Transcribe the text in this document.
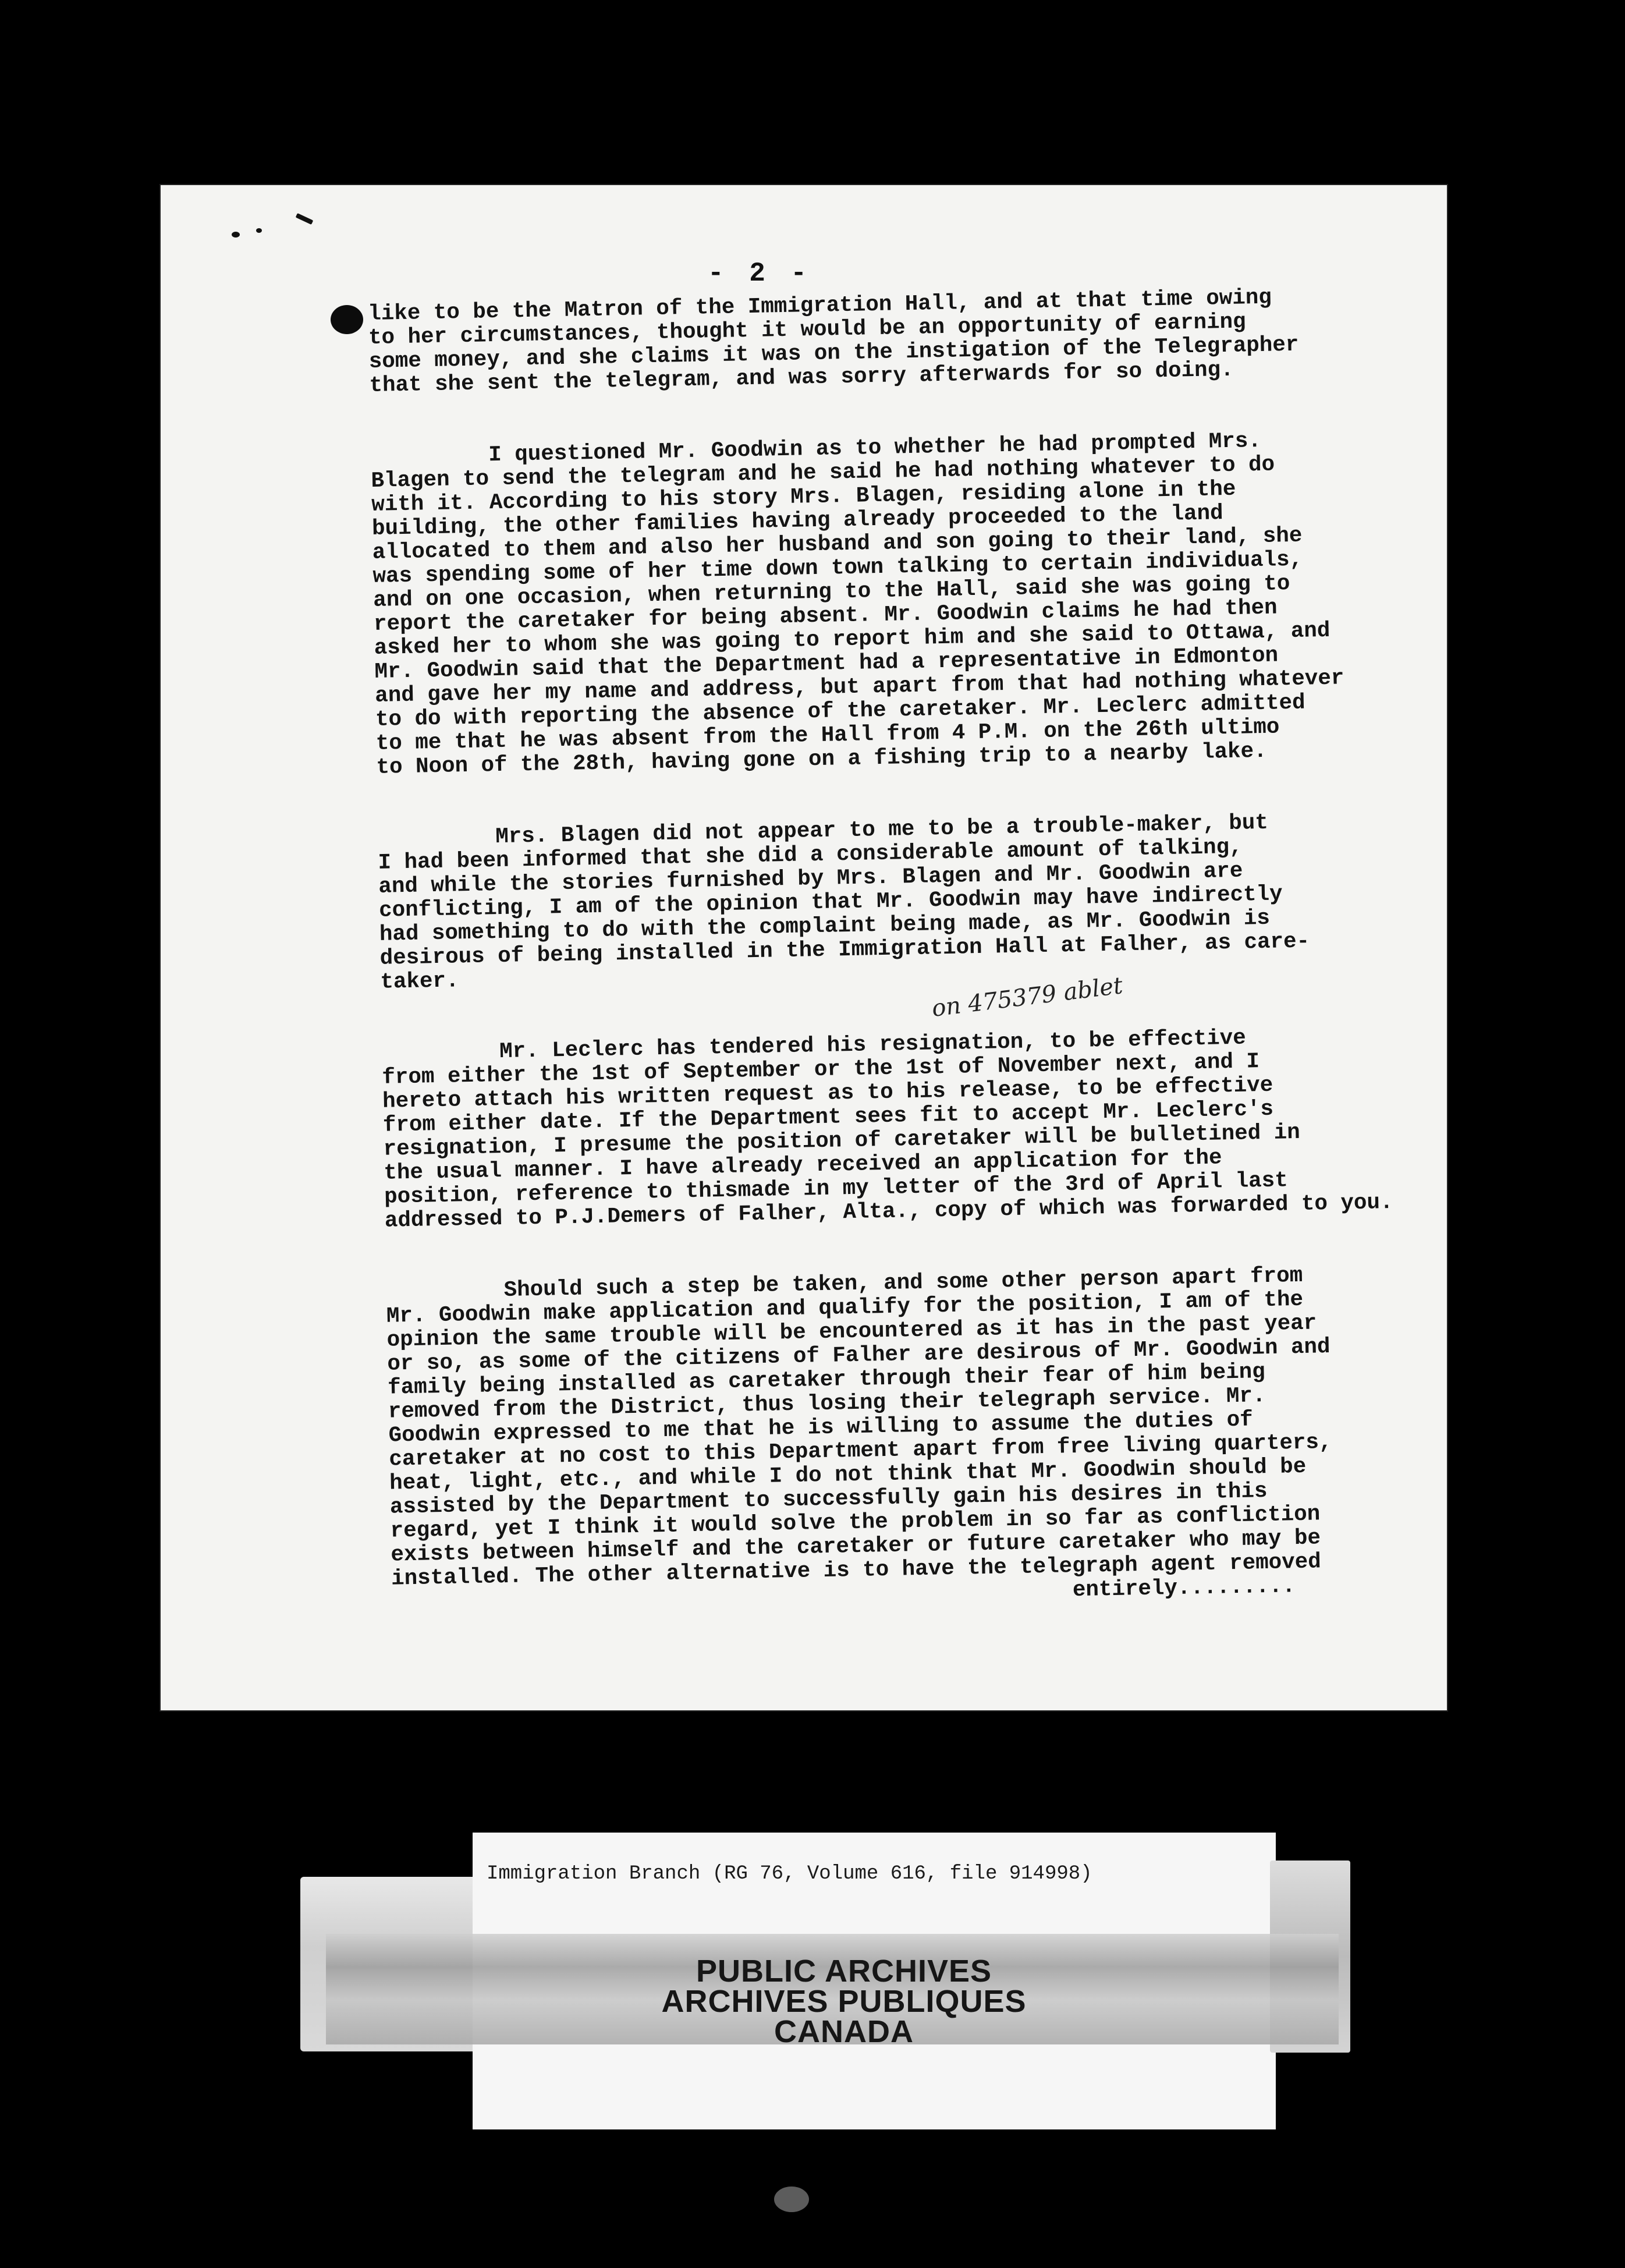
- 2 -
like to be the Matron of the Immigration Hall, and at that time owing
to her circumstances, thought it would be an opportunity of earning
some money, and she claims it was on the instigation of the Telegrapher
that she sent the telegram, and was sorry afterwards for so doing.
I questioned Mr. Goodwin as to whether he had prompted Mrs.
Blagen to send the telegram and he said he had nothing whatever to do
with it. According to his story Mrs. Blagen, residing alone in the
building, the other families having already proceeded to the land
allocated to them and also her husband and son going to their land, she
was spending some of her time down town talking to certain individuals,
and on one occasion, when returning to the Hall, said she was going to
report the caretaker for being absent. Mr. Goodwin claims he had then
asked her to whom she was going to report him and she said to Ottawa, and
Mr. Goodwin said that the Department had a representative in Edmonton
and gave her my name and address, but apart from that had nothing whatever
to do with reporting the absence of the caretaker. Mr. Leclerc admitted
to me that he was absent from the Hall from 4 P.M. on the 26th ultimo
to Noon of the 28th, having gone on a fishing trip to a nearby lake.
Mrs. Blagen did not appear to me to be a trouble-maker, but
I had been informed that she did a considerable amount of talking,
and while the stories furnished by Mrs. Blagen and Mr. Goodwin are
conflicting, I am of the opinion that Mr. Goodwin may have indirectly
had something to do with the complaint being made, as Mr. Goodwin is
desirous of being installed in the Immigration Hall at Falher, as care-
taker.
Mr. Leclerc has tendered his resignation, to be effective
from either the 1st of September or the 1st of November next, and I
hereto attach his written request as to his release, to be effective
from either date. If the Department sees fit to accept Mr. Leclerc's
resignation, I presume the position of caretaker will be bulletined in
the usual manner. I have already received an application for the
position, reference to thismade in my letter of the 3rd of April last
addressed to P.J.Demers of Falher, Alta., copy of which was forwarded to you.
Should such a step be taken, and some other person apart from
Mr. Goodwin make application and qualify for the position, I am of the
opinion the same trouble will be encountered as it has in the past year
or so, as some of the citizens of Falher are desirous of Mr. Goodwin and
family being installed as caretaker through their fear of him being
removed from the District, thus losing their telegraph service. Mr.
Goodwin expressed to me that he is willing to assume the duties of
caretaker at no cost to this Department apart from free living quarters,
heat, light, etc., and while I do not think that Mr. Goodwin should be
assisted by the Department to successfully gain his desires in this
regard, yet I think it would solve the problem in so far as confliction
exists between himself and the caretaker or future caretaker who may be
installed. The other alternative is to have the telegraph agent removed
entirely.........
on 475379 ablet
Immigration Branch (RG 76, Volume 616, file 914998)
PUBLIC ARCHIVES
ARCHIVES PUBLIQUES
CANADA
